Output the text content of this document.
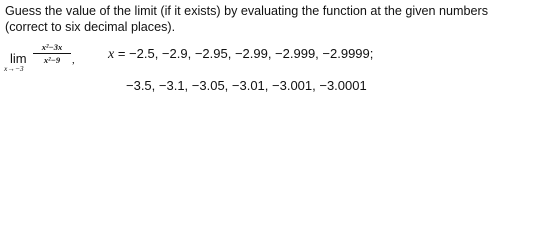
Guess the value of the limit (if it exists) by evaluating the function at the given numbers (correct to six decimal places).

lim
x→−3
x²−3x
x²−9	, x = −2.5, −2.9, −2.95, −2.99, −2.999, −2.9999;
−3.5, −3.1, −3.05, −3.01, −3.001, −3.0001
